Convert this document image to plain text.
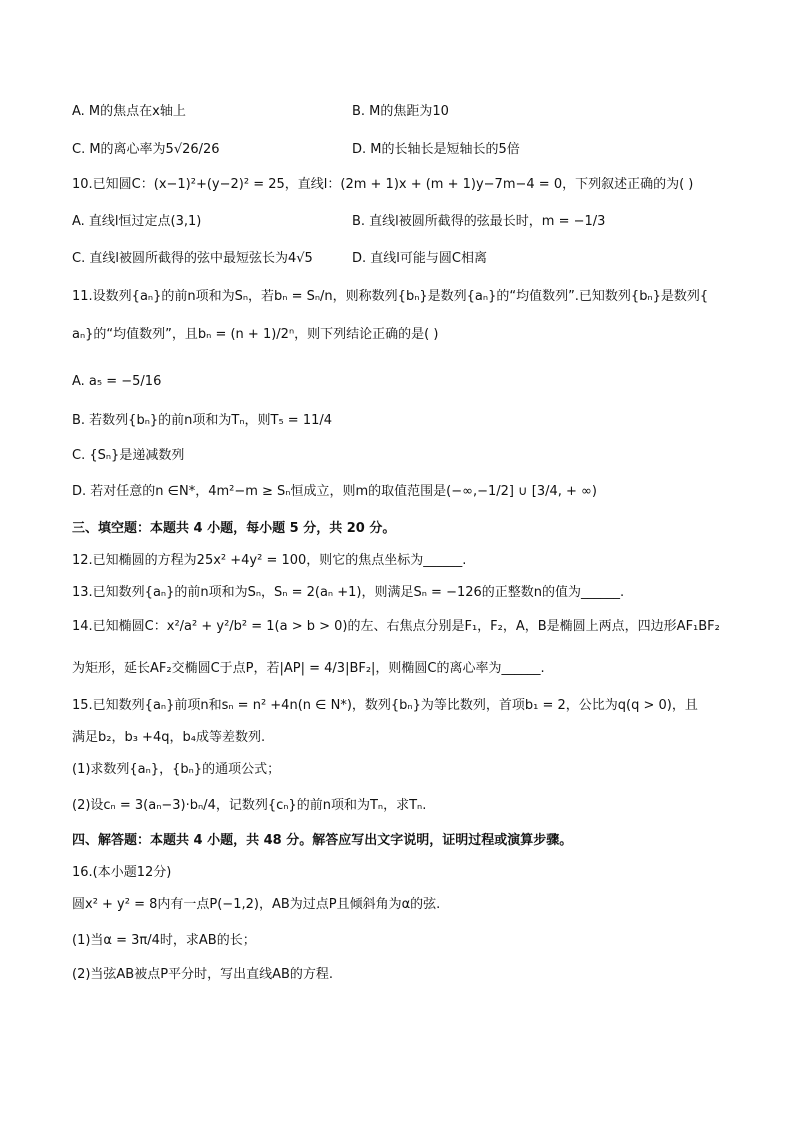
A. M的焦点在x轴上	B. M的焦距为10
C. M的离心率为5√26/26	D. M的长轴长是短轴长的5倍
10.已知圆C：(x−1)²+(y−2)² = 25，直线l：(2m + 1)x + (m + 1)y−7m−4 = 0，下列叙述正确的为( )
A. 直线l恒过定点(3,1)	B. 直线l被圆所截得的弦最长时，m = −1/3
C. 直线l被圆所截得的弦中最短弦长为4√5	D. 直线l可能与圆C相离
11.设数列{aₙ}的前n项和为Sₙ，若bₙ = Sₙ/n，则称数列{bₙ}是数列{aₙ}的“均值数列”.已知数列{bₙ}是数列{
aₙ}的“均值数列”，且bₙ = (n + 1)/2ⁿ，则下列结论正确的是( )
A. a₅ = −5/16
B. 若数列{bₙ}的前n项和为Tₙ，则T₅ = 11/4
C. {Sₙ}是递减数列
D. 若对任意的n ∈N*，4m²−m ≥ Sₙ恒成立，则m的取值范围是(−∞,−1/2] ∪ [3/4, + ∞)
三、填空题：本题共 4 小题，每小题 5 分，共 20 分。
12.已知椭圆的方程为25x² +4y² = 100，则它的焦点坐标为______.
13.已知数列{aₙ}的前n项和为Sₙ，Sₙ = 2(aₙ +1)，则满足Sₙ = −126的正整数n的值为______.
14.已知椭圆C：x²/a² + y²/b² = 1(a > b > 0)的左、右焦点分别是F₁，F₂，A，B是椭圆上两点，四边形AF₁BF₂
为矩形，延长AF₂交椭圆C于点P，若|AP| = 4/3|BF₂|，则椭圆C的离心率为______.
15.已知数列{aₙ}前项n和sₙ = n² +4n(n ∈ N*)，数列{bₙ}为等比数列，首项b₁ = 2，公比为q(q > 0)，且
满足b₂，b₃ +4q，b₄成等差数列.
(1)求数列{aₙ}，{bₙ}的通项公式；
(2)设cₙ = 3(aₙ−3)·bₙ/4，记数列{cₙ}的前n项和为Tₙ，求Tₙ.
四、解答题：本题共 4 小题，共 48 分。解答应写出文字说明，证明过程或演算步骤。
16.(本小题12分)
圆x² + y² = 8内有一点P(−1,2)，AB为过点P且倾斜角为α的弦.
(1)当α = 3π/4时，求AB的长；
(2)当弦AB被点P平分时，写出直线AB的方程.
